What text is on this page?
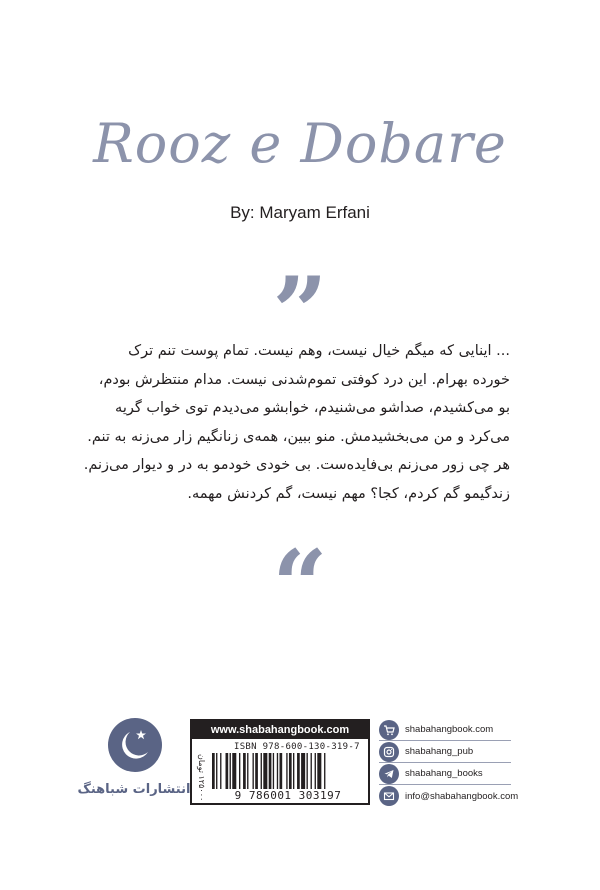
Rooz e Dobare
By: Maryam Erfani
”

... اینایی که میگم خیال نیست، وهم نیست. تمام پوست تنم ترک

خورده بهرام. این درد کوفتی تموم‌شدنی نیست. مدام منتظرش بودم،

بو می‌کشیدم، صداشو می‌شنیدم، خوابشو می‌دیدم توی خواب گریه

می‌کرد و من می‌بخشیدمش. منو ببین، همه‌ی زنانگیم زار می‌زنه به تنم.

هر چی زور می‌زنم بی‌فایده‌ست. بی خودی خودمو به در و دیوار می‌زنم.

زندگیمو گم کردم، کجا؟ مهم نیست، گم کردنش مهمه.

“
انتشارات شباهنگ
www.shabahangbook.com
ISBN 978-600-130-319-7
۱۲۵۰۰۰ تومان	9 786001 303197
shabahangbook.com
shabahang_pub
shabahang_books
info@shabahangbook.com
